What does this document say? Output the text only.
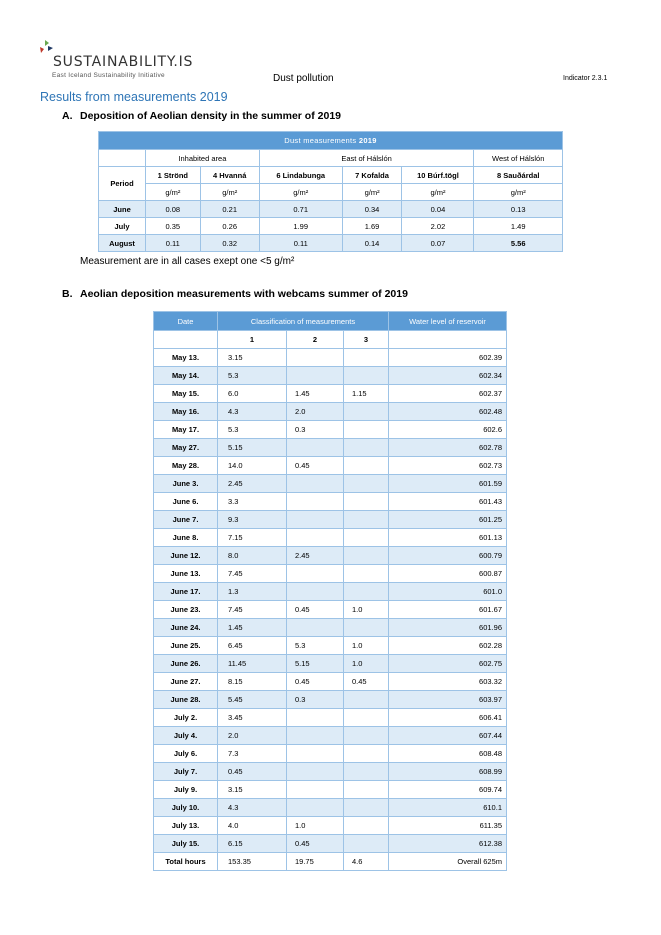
SUSTAINABILITY.IS
East Iceland Sustainability Initiative	Dust pollution	Indicator 2.3.1
Results from measurements 2019
A. Deposition of Aeolian density in the summer of 2019
Dust measurements 2019						
	Inhabited area		East of Hálslón			West of Hálslón
Period	1 Strönd	4 Hvanná	6 Lindabunga	7 Kofalda	10 Búrf.tögl	8 Sauðárdal
	g/m²	g/m²	g/m²	g/m²	g/m²	g/m²
June	0.08	0.21	0.71	0.34	0.04	0.13
July	0.35	0.26	1.99	1.69	2.02	1.49
August	0.11	0.32	0.11	0.14	0.07	5.56
Measurement are in all cases exept one <5 g/m²
B. Aeolian deposition measurements with webcams summer of 2019
Date	Classification of measurements			Water level of reservoir
	1	2	3	
May 13.	3.15			602.39
May 14.	5.3			602.34
May 15.	6.0	1.45	1.15	602.37
May 16.	4.3	2.0		602.48
May 17.	5.3	0.3		602.6
May 27.	5.15			602.78
May 28.	14.0	0.45		602.73
June 3.	2.45			601.59
June 6.	3.3			601.43
June 7.	9.3			601.25
June 8.	7.15			601.13
June 12.	8.0	2.45		600.79
June 13.	7.45			600.87
June 17.	1.3			601.0
June 23.	7.45	0.45	1.0	601.67
June 24.	1.45			601.96
June 25.	6.45	5.3	1.0	602.28
June 26.	11.45	5.15	1.0	602.75
June 27.	8.15	0.45	0.45	603.32
June 28.	5.45	0.3		603.97
July 2.	3.45			606.41
July 4.	2.0			607.44
July 6.	7.3			608.48
July 7.	0.45			608.99
July 9.	3.15			609.74
July 10.	4.3			610.1
July 13.	4.0	1.0		611.35
July 15.	6.15	0.45		612.38
Total hours	153.35	19.75	4.6	Overall 625m
